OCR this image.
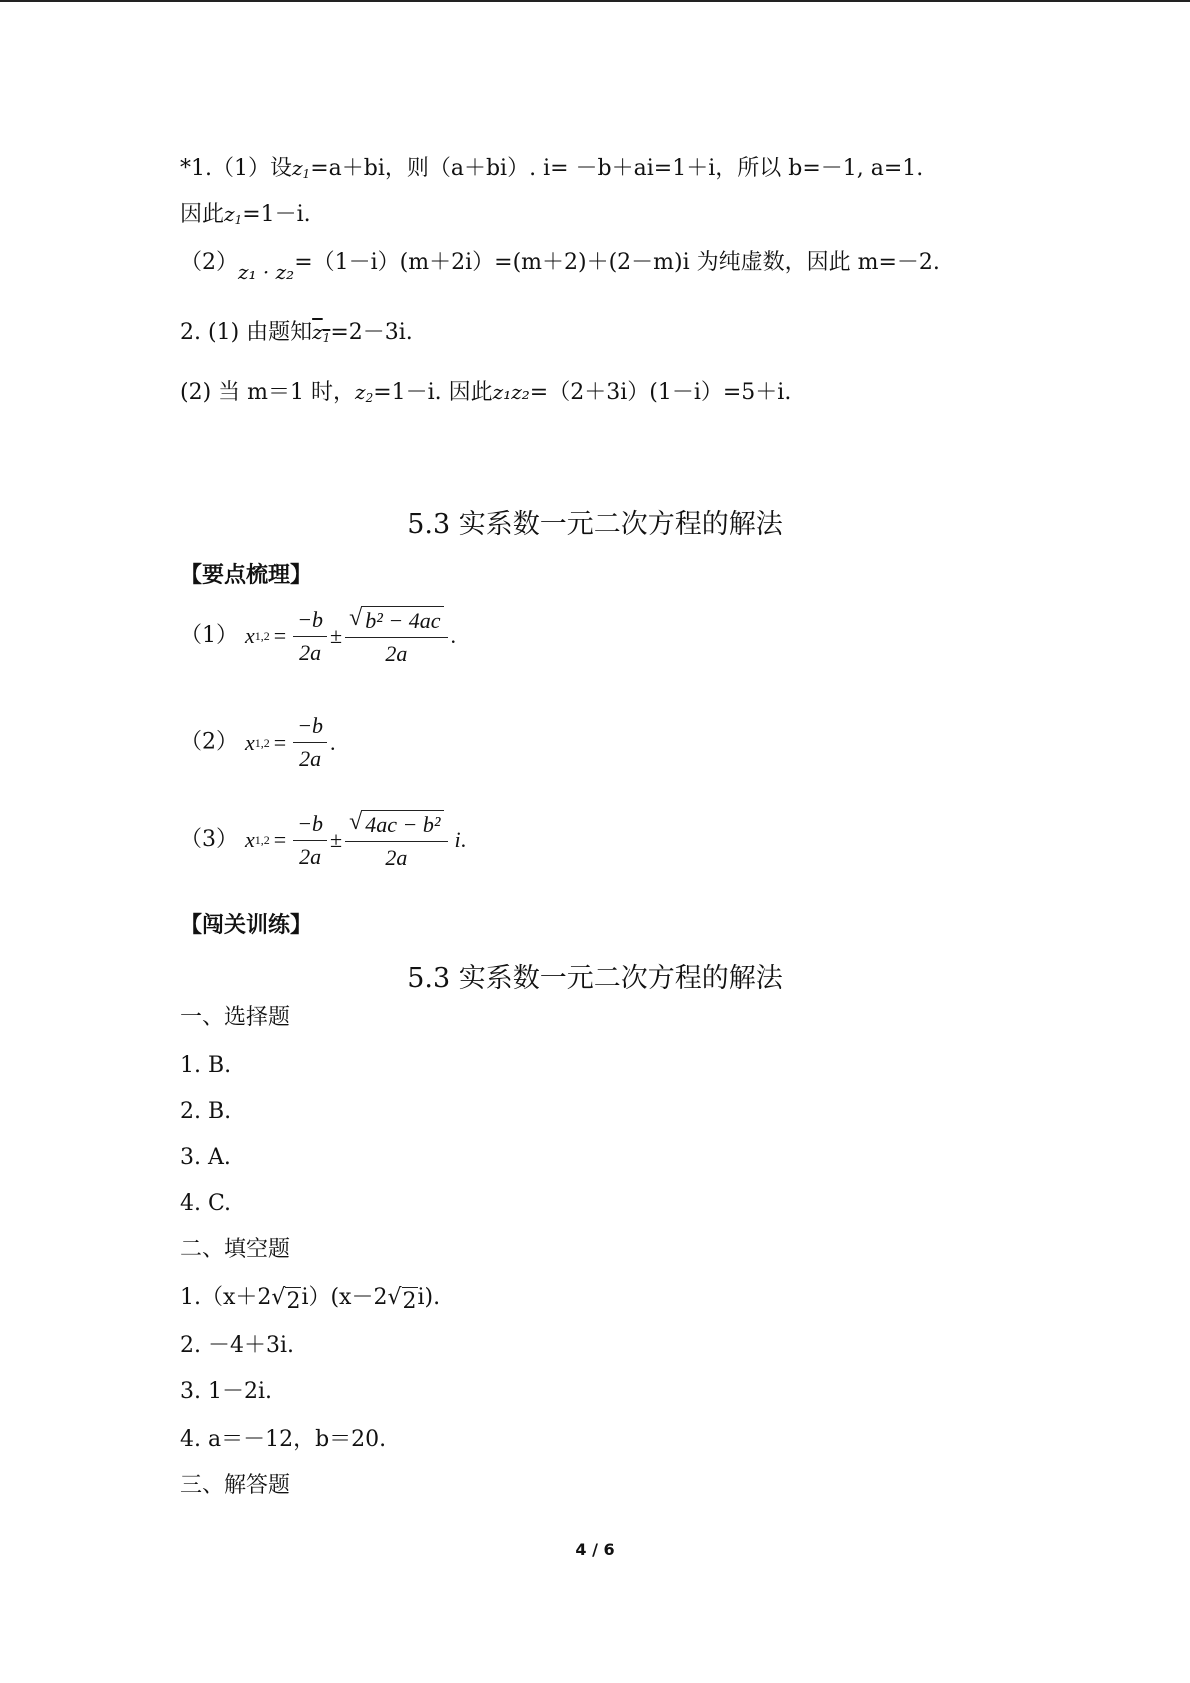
*1.（1）设$z_1=a+bi$，则（a＋bi）. i= －b＋ai=1＋i，所以 b=－1, a=1.
因此$z_1=1-i$.
（2）z₁ · z₂=（1－i）(m＋2i）=(m＋2)＋(2－m)i 为纯虚数，因此 m=－2.
2. (1) 由题知$z_1=2-3i$.
(2) 当 m＝1 时，$z_2=1-i$. 因此z₁z₂=（2＋3i）(1－i）=5＋i.
5.3 实系数一元二次方程的解法
【要点梳理】
（1） x $1,2 = \frac{-b}{2a} \pm \frac{\text{√ b² − 4ac}}{2a}$ .
（2） x $1,2 = \frac{-b}{2a}$ .
（3） x $1,2 = \frac{-b}{2a} \pm \frac{\text{√ 4ac − b²}}{2a}$ i .
【闯关训练】
5.3 实系数一元二次方程的解法
一、选择题
1. B.
2. B.
3. A.
4. C.
二、填空题
1.（x＋2 √ 2 i）(x－2 √ 2 i).
2. －4＋3i.
3. 1－2i.
4. a＝－12，b＝20.
三、解答题
4 / 6
